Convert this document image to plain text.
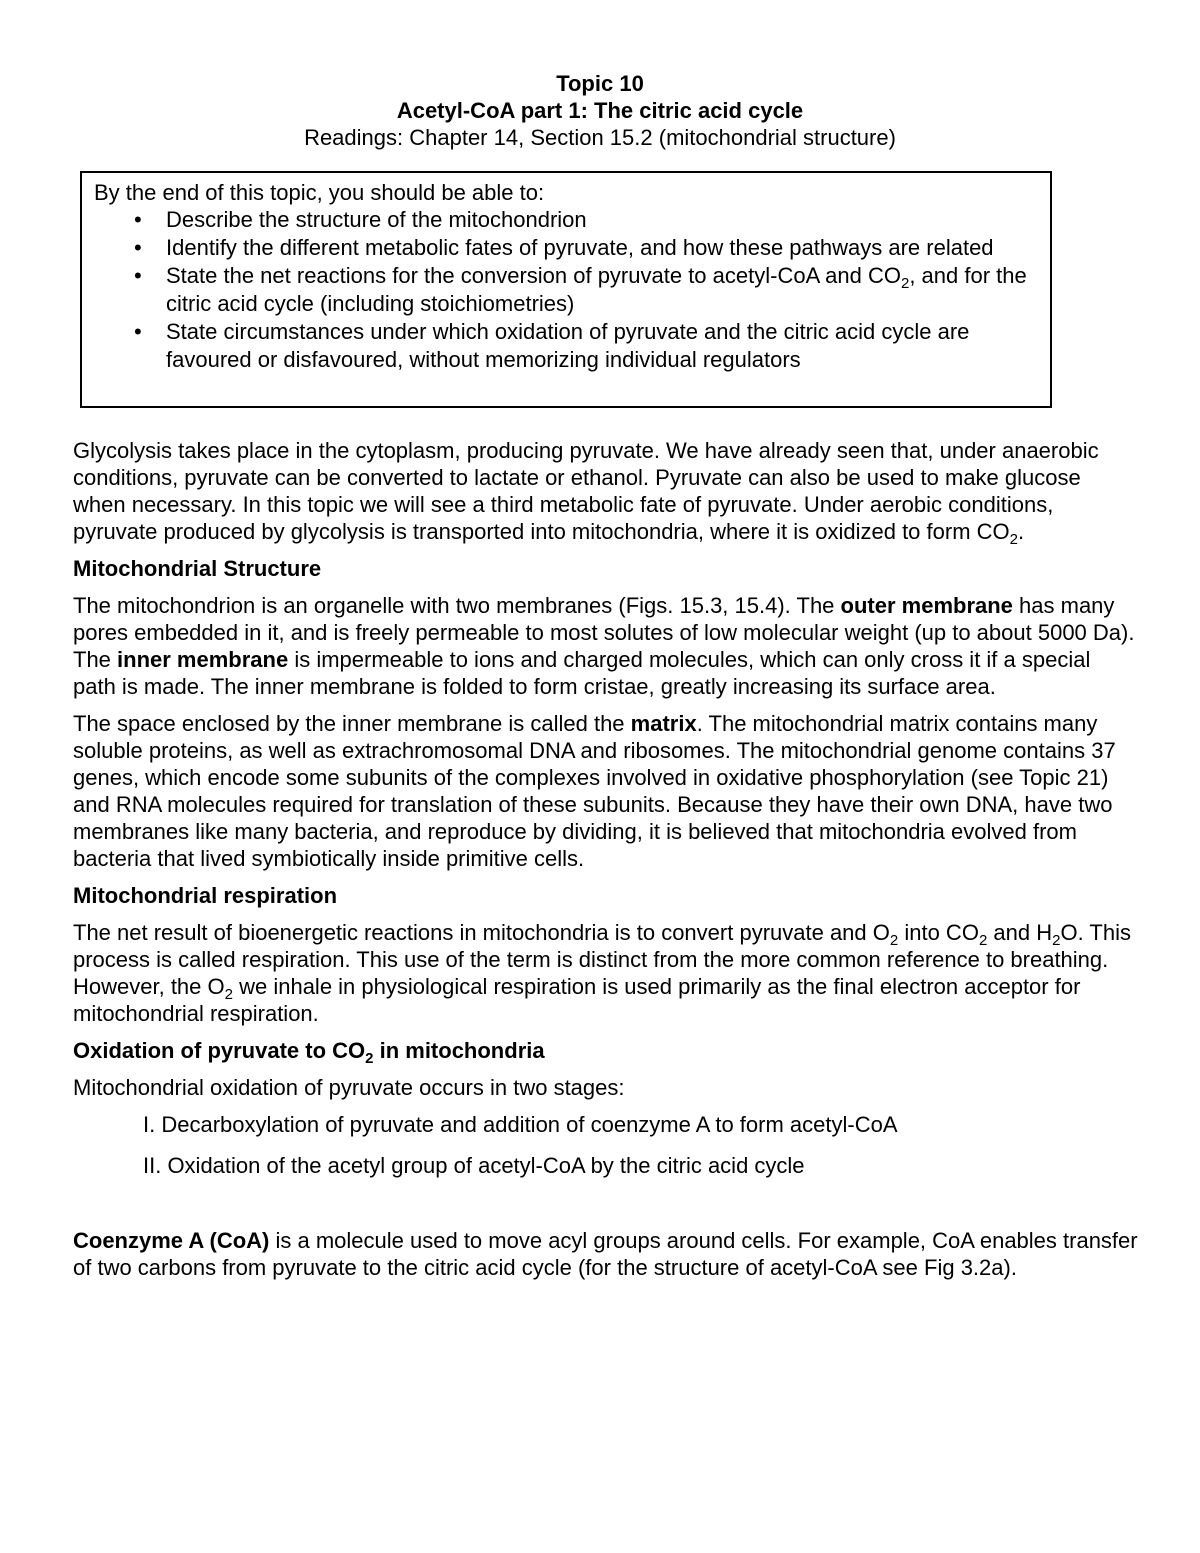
Topic 10
Acetyl-CoA part 1: The citric acid cycle
Readings: Chapter 14, Section 15.2 (mitochondrial structure)
By the end of this topic, you should be able to:
• Describe the structure of the mitochondrion
• Identify the different metabolic fates of pyruvate, and how these pathways are related
• State the net reactions for the conversion of pyruvate to acetyl-CoA and $CO_2$, and for the citric acid cycle (including stoichiometries)
• State circumstances under which oxidation of pyruvate and the citric acid cycle are favoured or disfavoured, without memorizing individual regulators

Glycolysis takes place in the cytoplasm, producing pyruvate. We have already seen that, under anaerobic conditions, pyruvate can be converted to lactate or ethanol. Pyruvate can also be used to make glucose when necessary. In this topic we will see a third metabolic fate of pyruvate. Under aerobic conditions, pyruvate produced by glycolysis is transported into mitochondria, where it is oxidized to form $CO_2$.

Mitochondrial Structure

The mitochondrion is an organelle with two membranes (Figs. 15.3, 15.4). The outer membrane has many pores embedded in it, and is freely permeable to most solutes of low molecular weight (up to about 5000 Da). The inner membrane is impermeable to ions and charged molecules, which can only cross it if a special path is made. The inner membrane is folded to form cristae, greatly increasing its surface area.

The space enclosed by the inner membrane is called the matrix. The mitochondrial matrix contains many soluble proteins, as well as extrachromosomal DNA and ribosomes. The mitochondrial genome contains 37 genes, which encode some subunits of the complexes involved in oxidative phosphorylation (see Topic 21) and RNA molecules required for translation of these subunits. Because they have their own DNA, have two membranes like many bacteria, and reproduce by dividing, it is believed that mitochondria evolved from bacteria that lived symbiotically inside primitive cells.

Mitochondrial respiration

The net result of bioenergetic reactions in mitochondria is to convert pyruvate and $O_2$ into $CO_2$ and $H_2O$. This process is called respiration. This use of the term is distinct from the more common reference to breathing. However, the $O_2$ we inhale in physiological respiration is used primarily as the final electron acceptor for mitochondrial respiration.

Oxidation of pyruvate to $CO_2$ in mitochondria

Mitochondrial oxidation of pyruvate occurs in two stages:

I. Decarboxylation of pyruvate and addition of coenzyme A to form acetyl-CoA

II. Oxidation of the acetyl group of acetyl-CoA by the citric acid cycle

Coenzyme A (CoA) is a molecule used to move acyl groups around cells. For example, CoA enables transfer of two carbons from pyruvate to the citric acid cycle (for the structure of acetyl-CoA see Fig 3.2a).
